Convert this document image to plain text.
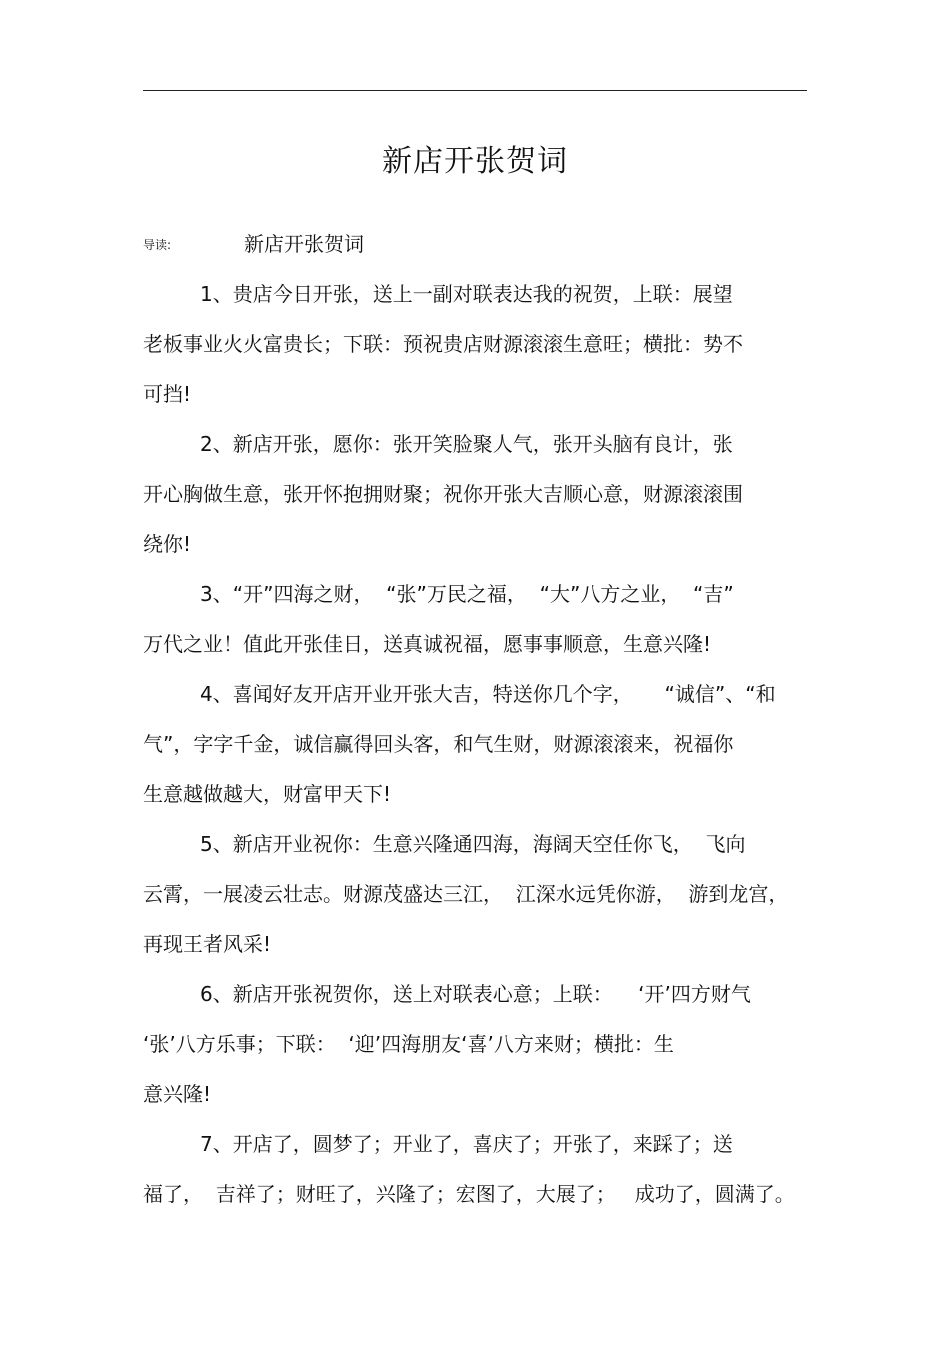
新店开张贺词
导读:	新店开张贺词
1、贵店今日开张，送上一副对联表达我的祝贺，上联：展望
老板事业火火富贵长；下联：预祝贵店财源滚滚生意旺；横批：势不
可挡!
2、新店开张，愿你：张开笑脸聚人气，张开头脑有良计，张
开心胸做生意，张开怀抱拥财聚；祝你开张大吉顺心意，财源滚滚围
绕你!
3、“开”四海之财，  “张”万民之福，  “大”八方之业，  “吉”
万代之业！值此开张佳日，送真诚祝福，愿事事顺意，生意兴隆!
4、喜闻好友开店开业开张大吉，特送你几个字，     “诚信”、“和
气”，字字千金，诚信赢得回头客，和气生财，财源滚滚来，祝福你
生意越做越大，财富甲天下!
5、新店开业祝你：生意兴隆通四海，海阔天空任你飞，  飞向
云霄，一展凌云壮志。财源茂盛达三江，  江深水远凭你游，  游到龙宫，
再现王者风采!
6、新店开张祝贺你，送上对联表心意；上联：    ‘开’四方财气
‘张’八方乐事；下联：  ‘迎’四海朋友‘喜’八方来财；横批：生
意兴隆!
7、开店了，圆梦了；开业了，喜庆了；开张了，来踩了；送
福了，  吉祥了；财旺了，兴隆了；宏图了，大展了；   成功了，圆满了。
